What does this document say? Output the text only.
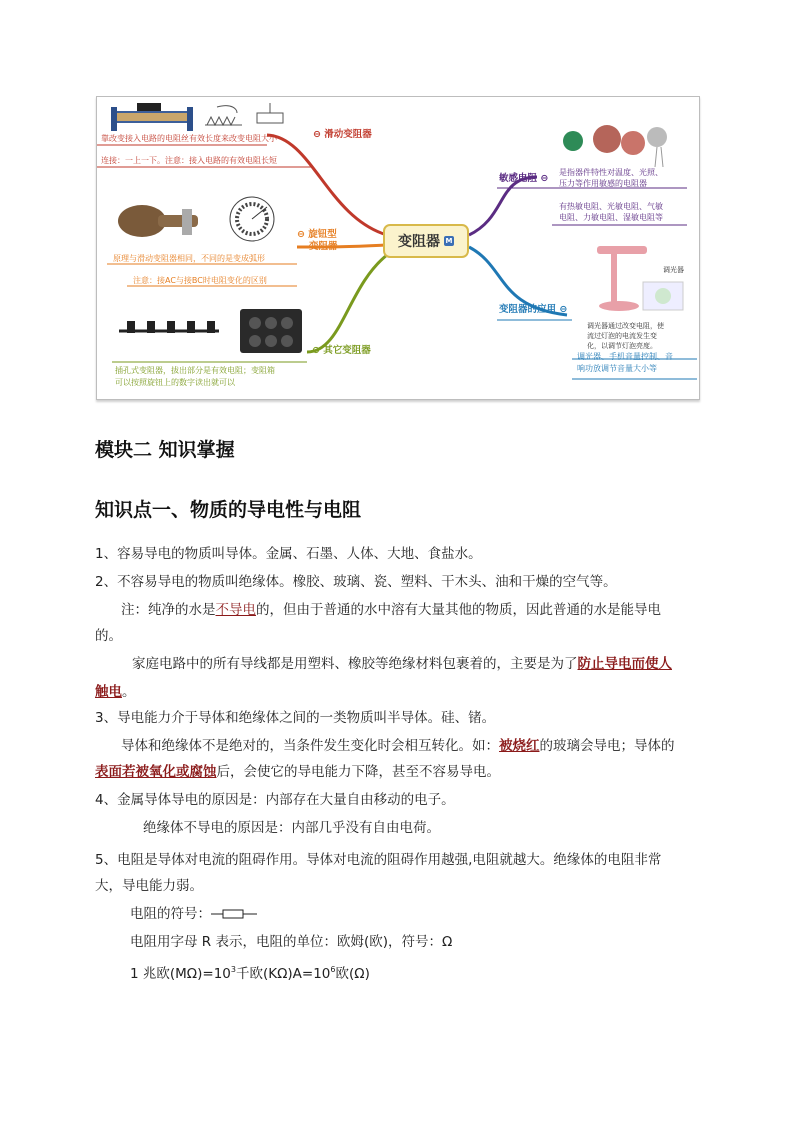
靠改变接入电路的电阻丝有效长度来改变电阻大小
连接：一上一下。注意：接入电路的有效电阻长短
⊖ 滑动变阻器
原理与滑动变阻器相同，不同的是变成弧形
注意：接AC与接BC时电阻变化的区别
⊖ 旋钮型
变阻器
插孔式变阻器，拔出部分是有效电阻；变阻箱
可以按照旋钮上的数字读出就可以
⊖ 其它变阻器
变阻器 M
敏感电阻 ⊖
是指器件特性对温度、光照、
压力等作用敏感的电阻器
有热敏电阻、光敏电阻、气敏
电阻、力敏电阻、湿敏电阻等
调光器
变阻器的应用 ⊖
调光器通过改变电阻，使
流过灯泡的电流发生变
化，以调节灯泡亮度。
调光器、手机音量控制、音
响功放调节音量大小等
模块二 知识掌握
知识点一、物质的导电性与电阻
1、容易导电的物质叫导体。金属、石墨、人体、大地、食盐水。
2、不容易导电的物质叫绝缘体。橡胶、玻璃、瓷、塑料、干木头、油和干燥的空气等。
注：纯净的水是不导电的，但由于普通的水中溶有大量其他的物质，因此普通的水是能导电
的。
家庭电路中的所有导线都是用塑料、橡胶等绝缘材料包裹着的，主要是为了防止导电而使人
触电。
3、导电能力介于导体和绝缘体之间的一类物质叫半导体。硅、锗。
导体和绝缘体不是绝对的，当条件发生变化时会相互转化。如：被烧红的玻璃会导电；导体的
表面若被氧化或腐蚀后，会使它的导电能力下降，甚至不容易导电。
4、金属导体导电的原因是：内部存在大量自由移动的电子。
绝缘体不导电的原因是：内部几乎没有自由电荷。
5、电阻是导体对电流的阻碍作用。导体对电流的阻碍作用越强,电阻就越大。绝缘体的电阻非常
大，导电能力弱。
电阻的符号：
电阻用字母 R 表示，电阻的单位：欧姆(欧)，符号：Ω
1 兆欧$(M\Omega)=10^3$千欧$(K\Omega)A=10^6$欧(Ω)
